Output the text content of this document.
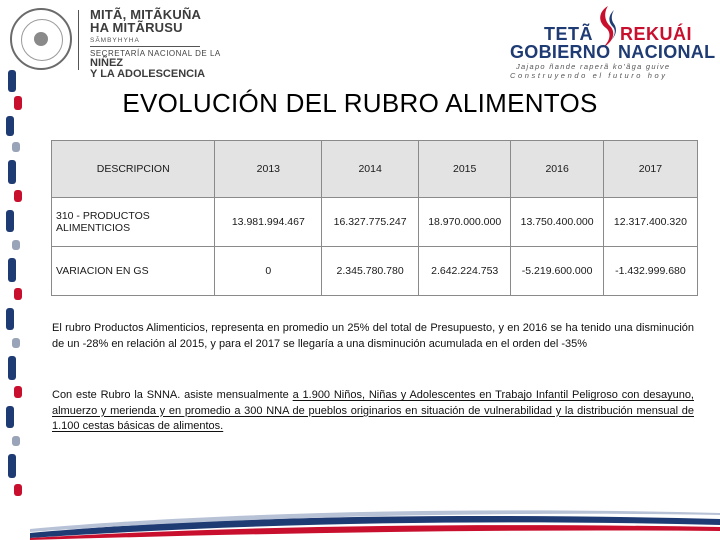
MITÃ, MITÃKUÑA
HA MITÃRUSU
SÃMBYHYHA
SECRETARÍA NACIONAL DE LA
NIÑEZ
Y LA ADOLESCENCIA
TETÃ REKUÁI
GOBIERNO NACIONAL
Jajapo ñande raperã ko'ãga guive
Construyendo el futuro hoy
EVOLUCIÓN DEL RUBRO ALIMENTOS
DESCRIPCION	2013	2014	2015	2016	2017
310 - PRODUCTOS ALIMENTICIOS	13.981.994.467	16.327.775.247	18.970.000.000	13.750.400.000	12.317.400.320
VARIACION EN GS	0	2.345.780.780	2.642.224.753	-5.219.600.000	-1.432.999.680

El rubro Productos Alimenticios, representa en promedio un 25% del total de Presupuesto, y en 2016 se ha tenido una disminución de un -28% en relación al 2015, y para el 2017 se llegaría a una disminución acumulada en el orden del -35%

Con este Rubro la SNNA. asiste mensualmente a 1.900 Niños, Niñas y Adolescentes en Trabajo Infantil Peligroso con desayuno, almuerzo y merienda y en promedio a 300 NNA de pueblos originarios en situación de vulnerabilidad y la distribución mensual de 1.100 cestas básicas de alimentos.
